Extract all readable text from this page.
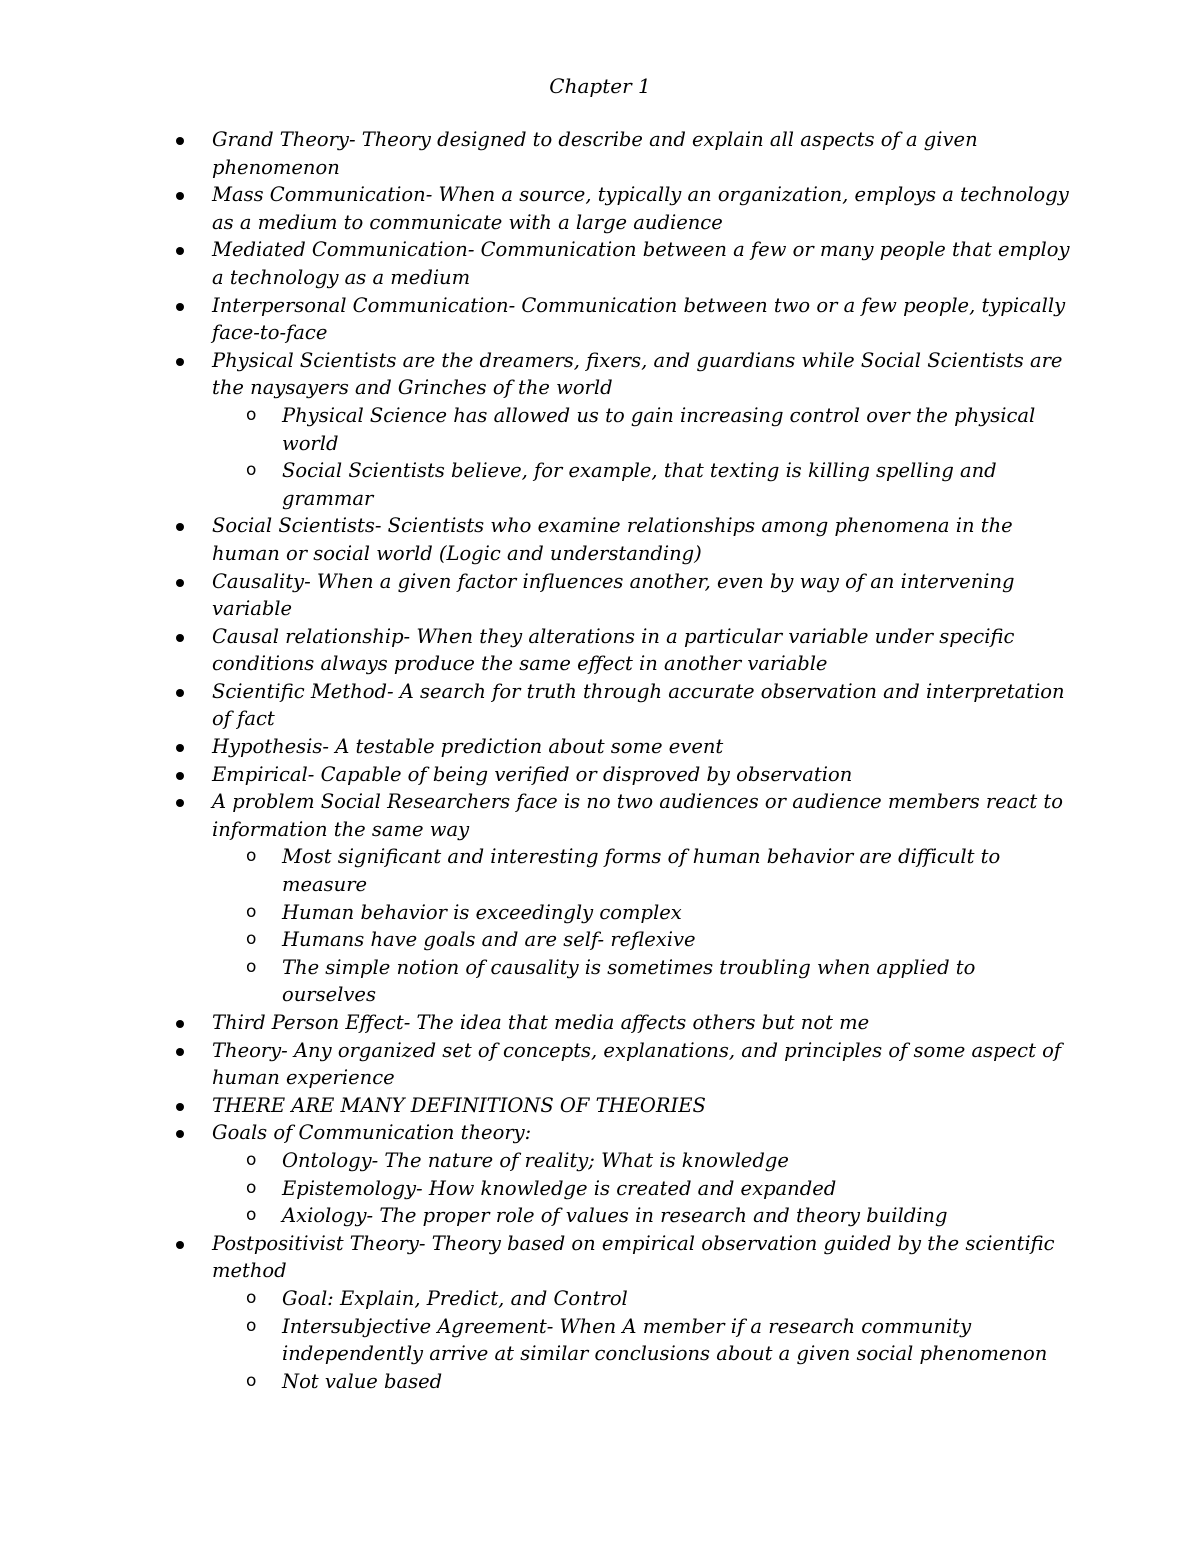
Chapter 1
Grand Theory- Theory designed to describe and explain all aspects of a given phenomenon
Mass Communication- When a source, typically an organization, employs a technology as a medium to communicate with a large audience
Mediated Communication- Communication between a few or many people that employ a technology as a medium
Interpersonal Communication- Communication between two or a few people, typically face-to-face
Physical Scientists are the dreamers, fixers, and guardians while Social Scientists are the naysayers and Grinches of the world
o Physical Science has allowed us to gain increasing control over the physical world
o Social Scientists believe, for example, that texting is killing spelling and grammar
Social Scientists- Scientists who examine relationships among phenomena in the human or social world (Logic and understanding)
Causality- When a given factor influences another, even by way of an intervening variable
Causal relationship- When they alterations in a particular variable under specific conditions always produce the same effect in another variable
Scientific Method- A search for truth through accurate observation and interpretation of fact
Hypothesis- A testable prediction about some event
Empirical- Capable of being verified or disproved by observation
A problem Social Researchers face is no two audiences or audience members react to information the same way
o Most significant and interesting forms of human behavior are difficult to measure
o Human behavior is exceedingly complex
o Humans have goals and are self- reflexive
o The simple notion of causality is sometimes troubling when applied to ourselves
Third Person Effect- The idea that media affects others but not me
Theory- Any organized set of concepts, explanations, and principles of some aspect of human experience
THERE ARE MANY DEFINITIONS OF THEORIES
Goals of Communication theory:
o Ontology- The nature of reality; What is knowledge
o Epistemology- How knowledge is created and expanded
o Axiology- The proper role of values in research and theory building
Postpositivist Theory- Theory based on empirical observation guided by the scientific method
o Goal: Explain, Predict, and Control
o Intersubjective Agreement- When A member if a research community independently arrive at similar conclusions about a given social phenomenon
o Not value based
